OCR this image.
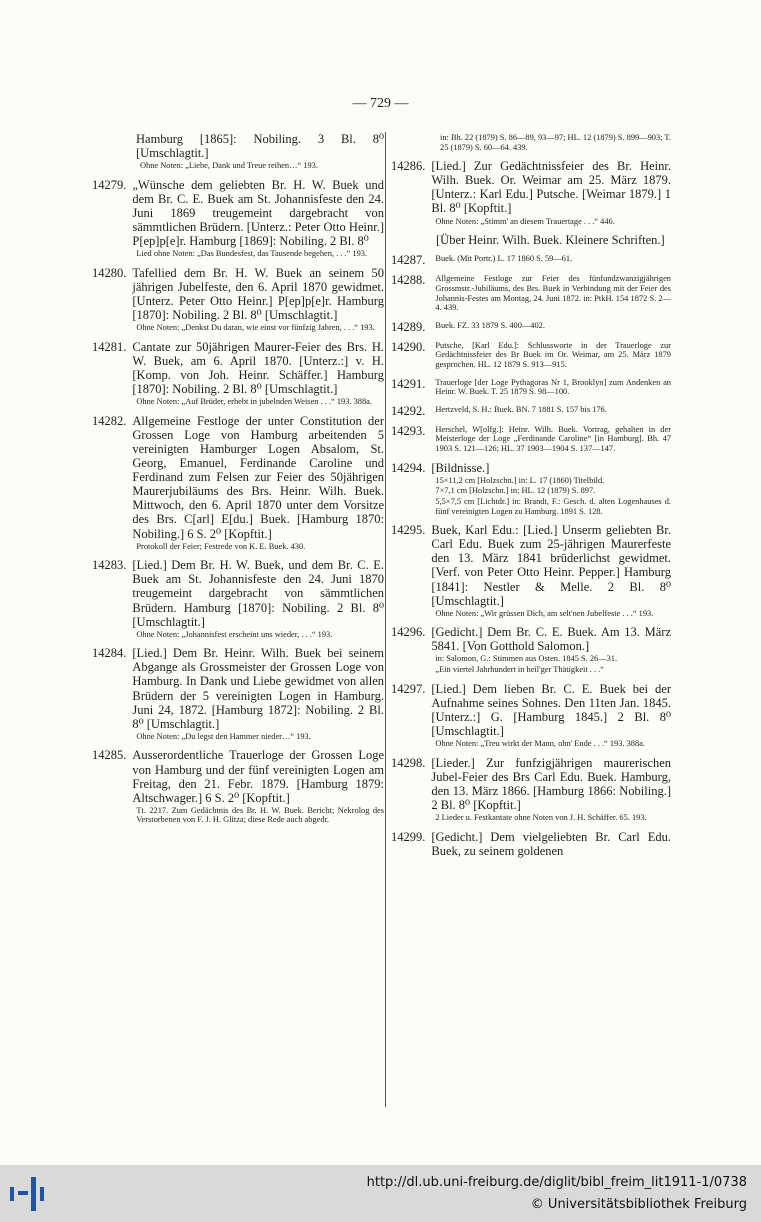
— 729 —
Hamburg [1865]: Nobiling. 3 Bl. 8⁰ [Umschlagtit.]
Ohne Noten: „Liebe, Dank und Treue reihen…“ 193.
14279. „Wünsche dem geliebten Br. H. W. Buek und dem Br. C. E. Buek am St. Johannisfeste den 24. Juni 1869 treugemeint dargebracht von sämmtlichen Brüdern. [Unterz.: Peter Otto Heinr.] P[ep]p[e]r. Hamburg [1869]: Nobiling. 2 Bl. 8⁰
Lied ohne Noten: „Das Bundesfest, das Tausende begehen, . . .“ 193.
14280. Tafellied dem Br. H. W. Buek an seinem 50 jährigen Jubelfeste, den 6. April 1870 gewidmet. [Unterz. Peter Otto Heinr.] P[ep]p[e]r. Hamburg [1870]: Nobiling. 2 Bl. 8⁰ [Umschlagtit.]
Ohne Noten: „Denkst Du daran, wie einst vor fünfzig Jahren, . . .“ 193.
14281. Cantate zur 50jährigen Maurer-Feier des Brs. H. W. Buek, am 6. April 1870. [Unterz.:] v. H. [Komp. von Joh. Heinr. Schäffer.] Hamburg [1870]: Nobiling. 2 Bl. 8⁰ [Umschlagtit.]
Ohne Noten: „Auf Brüder, erhebt in jubelnden Weisen . . .“ 193. 388a.
14282. Allgemeine Festloge der unter Constitution der Grossen Loge von Hamburg arbeitenden 5 vereinigten Hamburger Logen Absalom, St. Georg, Emanuel, Ferdinande Caroline und Ferdinand zum Felsen zur Feier des 50jährigen Maurerjubiläums des Brs. Heinr. Wilh. Buek. Mittwoch, den 6. April 1870 unter dem Vorsitze des Brs. C[arl] E[du.] Buek. [Hamburg 1870: Nobiling.] 6 S. 2⁰ [Kopftit.]
Protokoll der Feier; Festrede von K. E. Buek. 430.
14283. [Lied.] Dem Br. H. W. Buek, und dem Br. C. E. Buek am St. Johannisfeste den 24. Juni 1870 treugemeint dargebracht von sämmtlichen Brüdern. Hamburg [1870]: Nobiling. 2 Bl. 8⁰ [Umschlagtit.]
Ohne Noten: „Johannisfest erscheint uns wieder, . . .“ 193.
14284. [Lied.] Dem Br. Heinr. Wilh. Buek bei seinem Abgange als Grossmeister der Grossen Loge von Hamburg. In Dank und Liebe gewidmet von allen Brüdern der 5 vereinigten Logen in Hamburg. Juni 24, 1872. [Hamburg 1872]: Nobiling. 2 Bl. 8⁰ [Umschlagtit.]
Ohne Noten: „Du legst den Hammer nieder…“ 193.
14285. Ausserordentliche Trauerloge der Grossen Loge von Hamburg und der fünf vereinigten Logen am Freitag, den 21. Febr. 1879. [Hamburg 1879: Altschwager.] 6 S. 2⁰ [Kopftit.]
Tt. 2217. Zum Gedächtnis des Br. H. W. Buek. Bericht; Nekrolog des Verstorbenen von F. J. H. Glitza; diese Rede auch abgedr.
in: Bh. 22 (1879) S. 86—89, 93—97; HL. 12 (1879) S. 899—903; T. 25 (1879) S. 60—64. 439.
14286. [Lied.] Zur Gedächtnissfeier des Br. Heinr. Wilh. Buek. Or. Weimar am 25. März 1879. [Unterz.: Karl Edu.] Putsche. [Weimar 1879.] 1 Bl. 8⁰ [Kopftit.]
Ohne Noten: „Stimm' an diesem Trauertage . . .“ 446.
[Über Heinr. Wilh. Buek. Kleinere Schriften.]
14287. Buek. (Mit Portr.) L. 17 1860 S. 59—61.
14288. Allgemeine Festloge zur Feier des fünfundzwanzigjährigen Grossmstr.-Jubiläums, des Brs. Buek in Verbindung mit der Feier des Johannis-Festes am Montag, 24. Juni 1872. in: PtkH. 154 1872 S. 2—4. 439.
14289. Buek. FZ. 33 1879 S. 400—402.
14290. Putsche, [Karl Edu.]: Schlussworte in der Trauerloge zur Gedächtnissfeier des Br Buek im Or. Weimar, am 25. März 1879 gesprochen. HL. 12 1879 S. 913—915.
14291. Trauerloge [der Loge Pythagoras Nr 1, Brooklyn] zum Andenken an Heinr. W. Buek. T. 25 1879 S. 98—100.
14292. Hertzveld, S. H.: Buek. BN. 7 1881 S. 157 bis 176.
14293. Herschel, W[olfg.]: Heinr. Wilh. Buek. Vortrag, gehalten in der Meisterloge der Loge „Ferdinande Caroline“ [in Hamburg]. Bh. 47 1903 S. 121—126; HL. 37 1903—1904 S. 137—147.
14294. [Bildnisse.]
15×11,2 cm [Holzschn.] in: L. 17 (1860) Titelbild.
7×7,1 cm [Holzschn.] in: HL. 12 (1879) S. 897.
5,5×7,5 cm [Lichtdr.] in: Brandt, F.: Gesch. d. alten Logenhauses d. fünf vereinigten Logen zu Hamburg. 1891 S. 128.
14295. Buek, Karl Edu.: [Lied.] Unserm geliebten Br. Carl Edu. Buek zum 25-jährigen Maurerfeste den 13. März 1841 brüderlichst gewidmet. [Verf. von Peter Otto Heinr. Pepper.] Hamburg [1841]: Nestler & Melle. 2 Bl. 8⁰ [Umschlagtit.]
Ohne Noten: „Wir grüssen Dich, am selt'nen Jubelfeste . . .“ 193.
14296. [Gedicht.] Dem Br. C. E. Buek. Am 13. März 5841. [Von Gotthold Salomon.]
in: Salomon, G.: Stimmen aus Osten. 1845 S. 26—31.
„Ein viertel Jahrhundert in heil'ger Thätigkeit . . .“
14297. [Lied.] Dem lieben Br. C. E. Buek bei der Aufnahme seines Sohnes. Den 11ten Jan. 1845. [Unterz.:] G. [Hamburg 1845.] 2 Bl. 8⁰ [Umschlagtit.]
Ohne Noten: „Treu wirkt der Mann, ohn' Ende . . .“ 193. 388a.
14298. [Lieder.] Zur funfzigjährigen maurerischen Jubel-Feier des Brs Carl Edu. Buek. Hamburg, den 13. März 1866. [Hamburg 1866: Nobiling.] 2 Bl. 8⁰ [Kopftit.]
2 Lieder u. Festkantate ohne Noten von J. H. Schäffer. 65. 193.
14299. [Gedicht.] Dem vielgeliebten Br. Carl Edu. Buek, zu seinem goldenen
http://dl.ub.uni-freiburg.de/diglit/bibl_freim_lit1911-1/0738
© Universitätsbibliothek Freiburg
